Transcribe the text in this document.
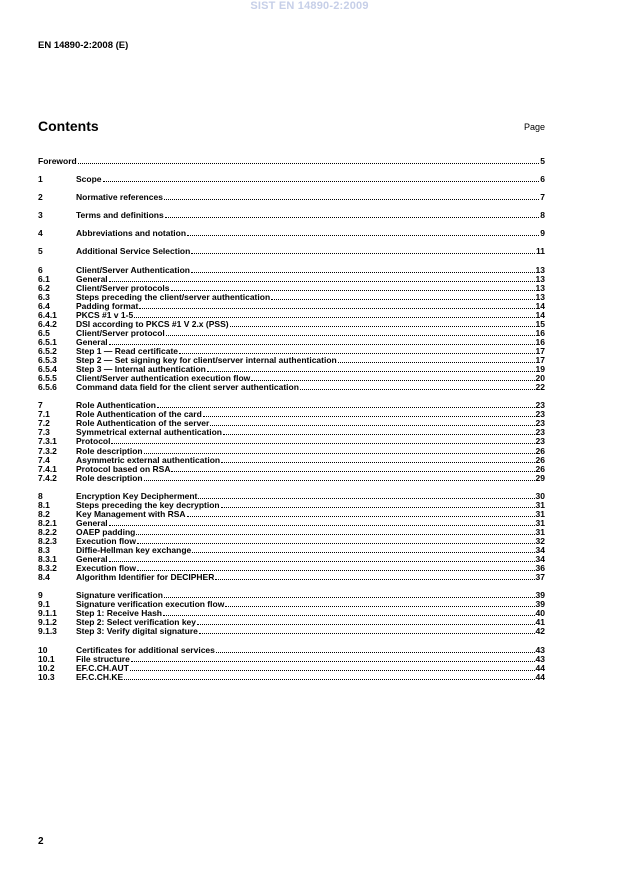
SIST EN 14890-2:2009
EN 14890-2:2008 (E)
Contents	Page
Foreword	5
1	Scope	6
2	Normative references	7
3	Terms and definitions	8
4	Abbreviations and notation	9
5	Additional Service Selection	11
6	Client/Server Authentication	13
6.1	General	13
6.2	Client/Server protocols	13
6.3	Steps preceding the client/server authentication	13
6.4	Padding format	14
6.4.1	PKCS #1 v 1-5	14
6.4.2	DSI according to PKCS #1 V 2.x (PSS)	15
6.5	Client/Server protocol	16
6.5.1	General	16
6.5.2	Step 1 — Read certificate	17
6.5.3	Step 2 — Set signing key for client/server internal authentication	17
6.5.4	Step 3 — Internal authentication	19
6.5.5	Client/Server authentication execution flow	20
6.5.6	Command data field for the client server authentication	22
7	Role Authentication	23
7.1	Role Authentication of the card	23
7.2	Role Authentication of the server	23
7.3	Symmetrical external authentication	23
7.3.1	Protocol	23
7.3.2	Role description	26
7.4	Asymmetric external authentication	26
7.4.1	Protocol based on RSA	26
7.4.2	Role description	29
8	Encryption Key Decipherment	30
8.1	Steps preceding the key decryption	31
8.2	Key Management with RSA	31
8.2.1	General	31
8.2.2	OAEP padding	31
8.2.3	Execution flow	32
8.3	Diffie-Hellman key exchange	34
8.3.1	General	34
8.3.2	Execution flow	36
8.4	Algorithm Identifier for DECIPHER	37
9	Signature verification	39
9.1	Signature verification execution flow	39
9.1.1	Step 1: Receive Hash	40
9.1.2	Step 2: Select verification key	41
9.1.3	Step 3: Verify digital signature	42
10	Certificates for additional services	43
10.1	File structure	43
10.2	EF.C.CH.AUT	44
10.3	EF.C.CH.KE	44
2
